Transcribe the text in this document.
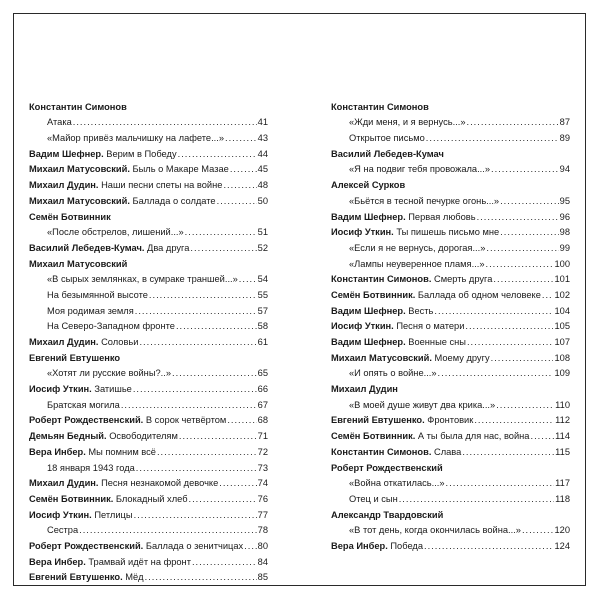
Константин Симонов
Атака .....	41
«Майор привёз мальчишку на лафете...» .....	43
Вадим Шефнер. Верим в Победу .....	44
Михаил Матусовский. Быль о Макаре Мазае .....	45
Михаил Дудин. Наши песни спеты на войне .....	48
Михаил Матусовский. Баллада о солдате .....	50
Семён Ботвинник
«После обстрелов, лишений...» .....	51
Василий Лебедев-Кумач. Два друга .....	52
Михаил Матусовский
«В сырых землянках, в сумраке траншей...» ..... 54
На безымянной высоте .....	55
Моя родимая земля .....	57
На Северо-Западном фронте .....	58
Михаил Дудин. Соловьи .....	61
Евгений Евтушенко
«Хотят ли русские войны?..» .....	65
Иосиф Уткин. Затишье .....	66
Братская могила .....	67
Роберт Рождественский. В сорок четвёртом .....	68
Демьян Бедный. Освободителям .....	71
Вера Инбер. Мы помним всё .....	72
18 января 1943 года .....	73
Михаил Дудин. Песня незнакомой девочке .....	74
Семён Ботвинник. Блокадный хлеб .....	76
Иосиф Уткин. Петлицы .....	77
Сестра .....	78
Роберт Рождественский. Баллада о зенитчицах ..... 80
Вера Инбер. Трамвай идёт на фронт .....	84
Евгений Евтушенко. Мёд .....	85
Константин Симонов
«Жди меня, и я вернусь...» .....	87
Открытое письмо .....	89
Василий Лебедев-Кумач
«Я на подвиг тебя провожала...» .....	94
Алексей Сурков
«Бьётся в тесной печурке огонь...» .....	95
Вадим Шефнер. Первая любовь .....	96
Иосиф Уткин. Ты пишешь письмо мне .....	98
«Если я не вернусь, дорогая...» .....	99
«Лампы неуверенное пламя...» .....	100
Константин Симонов. Смерть друга .....	101
Семён Ботвинник. Баллада об одном человеке ..... 102
Вадим Шефнер. Весть .....	104
Иосиф Уткин. Песня о матери .....	105
Вадим Шефнер. Военные сны .....	107
Михаил Матусовский. Моему другу .....	108
«И опять о войне...» .....	109
Михаил Дудин
«В моей душе живут два крика...» .....	110
Евгений Евтушенко. Фронтовик .....	112
Семён Ботвинник. А ты была для нас, война .....	114
Константин Симонов. Слава .....	115
Роберт Рождественский
«Война откатилась...» .....	117
Отец и сын .....	118
Александр Твардовский
«В тот день, когда окончилась война...» .....	120
Вера Инбер. Победа .....	124
